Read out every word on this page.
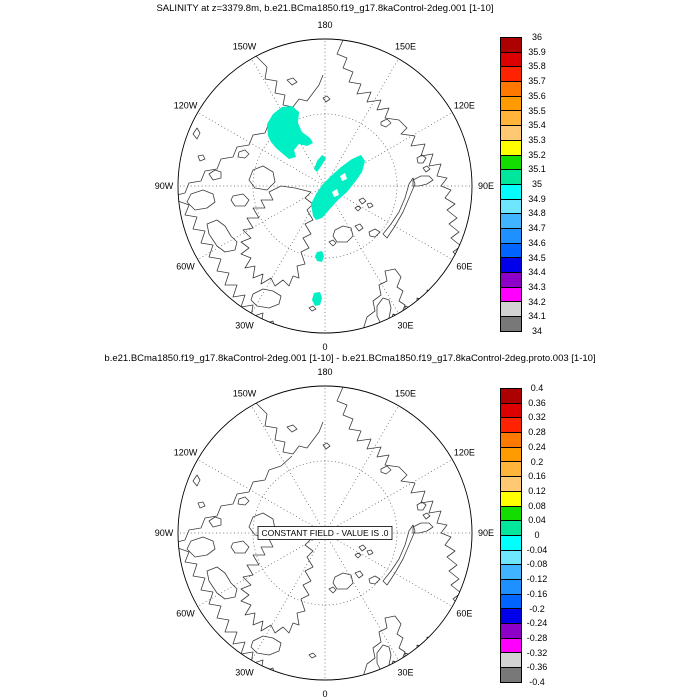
SALINITY at z=3379.8m, b.e21.BCma1850.f19_g17.8kaControl-2deg.001 [1-10]
180
150E
120E
90E
60E
30E
0
30W
60W
90W
120W
150W
36
35.9
35.8
35.7
35.6
35.5
35.4
35.3
35.2
35.1
35
34.9
34.8
34.7
34.6
34.5
34.4
34.3
34.2
34.1
34
b.e21.BCma1850.f19_g17.8kaControl-2deg.001 [1-10] - b.e21.BCma1850.f19_g17.8kaControl-2deg.proto.003 [1-10]
180
150E
120E
90E
60E
30E
0
30W
60W
90W
120W
150W
CONSTANT FIELD - VALUE IS .0
0.4
0.36
0.32
0.28
0.24
0.2
0.16
0.12
0.08
0.04
0
-0.04
-0.08
-0.12
-0.16
-0.2
-0.24
-0.28
-0.32
-0.36
-0.4
